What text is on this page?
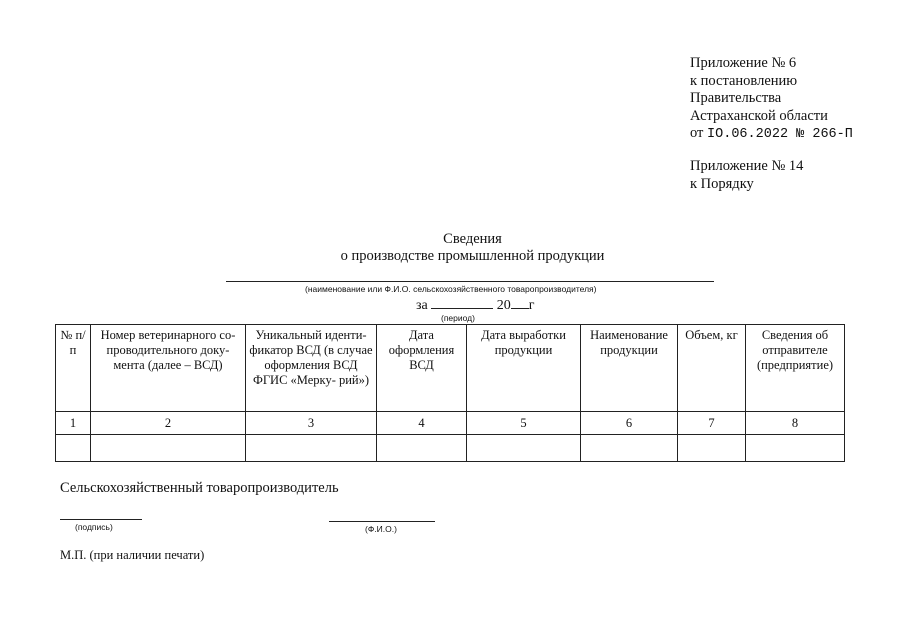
Приложение № 6
к постановлению
Правительства
Астраханской области
от IO.06.2022 № 266-П
Приложение № 14
к Порядку
Сведения
о производстве промышленной продукции
(наименование или Ф.И.О. сельскохозяйственного товаропроизводителя)
за	20 г
(период)
№ п/п	Номер ветеринарного со- проводительного доку- мента (далее – ВСД)	Уникальный иденти- фикатор ВСД (в случае оформления ВСД ФГИС «Мерку- рий»)	Дата оформления ВСД	Дата выработки продукции	Наименование продукции	Объем, кг	Сведения об отправителе (предприятие)
1	2	3	4	5	6	7	8

Сельскохозяйственный товаропроизводитель
(подпись)	(Ф.И.О.)
М.П. (при наличии печати)
